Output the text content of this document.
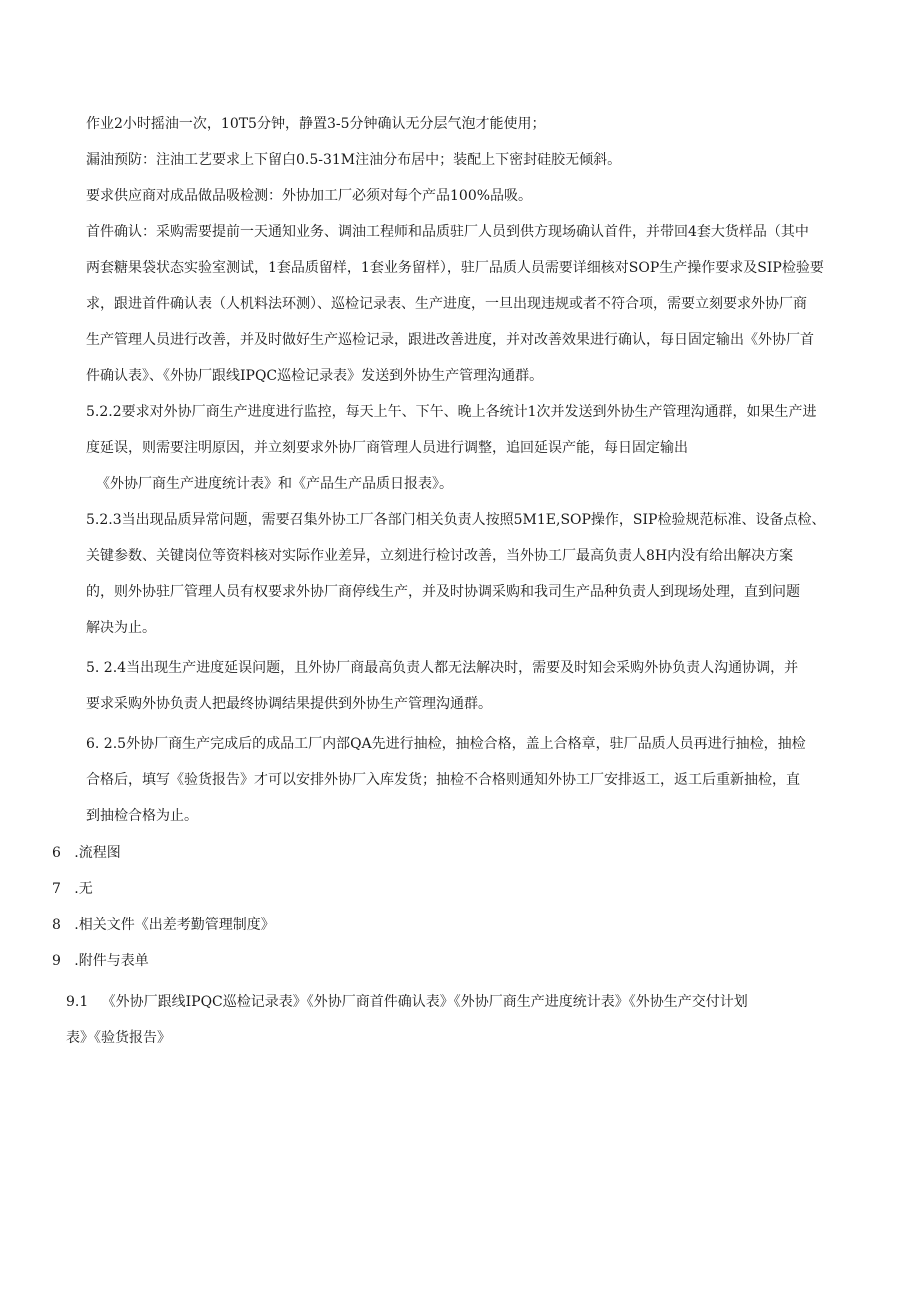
作业2小时摇油一次，10T5分钟，静置3-5分钟确认无分层气泡才能使用；
漏油预防：注油工艺要求上下留白0.5-31M注油分布居中；装配上下密封硅胶无倾斜。
要求供应商对成品做品吸检测：外协加工厂必须对每个产品100%品吸。
首件确认：采购需要提前一天通知业务、调油工程师和品质驻厂人员到供方现场确认首件，并带回4套大货样品（其中
两套糖果袋状态实验室测试，1套品质留样，1套业务留样），驻厂品质人员需要详细核对SOP生产操作要求及SIP检验要
求，跟进首件确认表（人机料法环测）、巡检记录表、生产进度，一旦出现违规或者不符合项，需要立刻要求外协厂商
生产管理人员进行改善，并及时做好生产巡检记录，跟进改善进度，并对改善效果进行确认，每日固定输出《外协厂首
件确认表》、《外协厂跟线IPQC巡检记录表》发送到外协生产管理沟通群。
5.2.2要求对外协厂商生产进度进行监控，每天上午、下午、晚上各统计1次并发送到外协生产管理沟通群，如果生产进
度延误，则需要注明原因，并立刻要求外协厂商管理人员进行调整，追回延误产能，每日固定输出
《外协厂商生产进度统计表》和《产品生产品质日报表》。
5.2.3当出现品质异常问题，需要召集外协工厂各部门相关负责人按照5M1E,SOP操作，SIP检验规范标准、设备点检、
关键参数、关键岗位等资料核对实际作业差异，立刻进行检讨改善，当外协工厂最高负责人8H内没有给出解决方案
的，则外协驻厂管理人员有权要求外协厂商停线生产，并及时协调采购和我司生产品种负责人到现场处理，直到问题
解决为止。
5. 2.4当出现生产进度延误问题，且外协厂商最高负责人都无法解决时，需要及时知会采购外协负责人沟通协调，并
要求采购外协负责人把最终协调结果提供到外协生产管理沟通群。
6. 2.5外协厂商生产完成后的成品工厂内部QA先进行抽检，抽检合格，盖上合格章，驻厂品质人员再进行抽检，抽检
合格后，填写《验货报告》才可以安排外协厂入库发货；抽检不合格则通知外协工厂安排返工，返工后重新抽检，直
到抽检合格为止。
6   .流程图
7   .无
8   .相关文件《出差考勤管理制度》
9   .附件与表单
9.1   《外协厂跟线IPQC巡检记录表》《外协厂商首件确认表》《外协厂商生产进度统计表》《外协生产交付计划
表》《验货报告》
